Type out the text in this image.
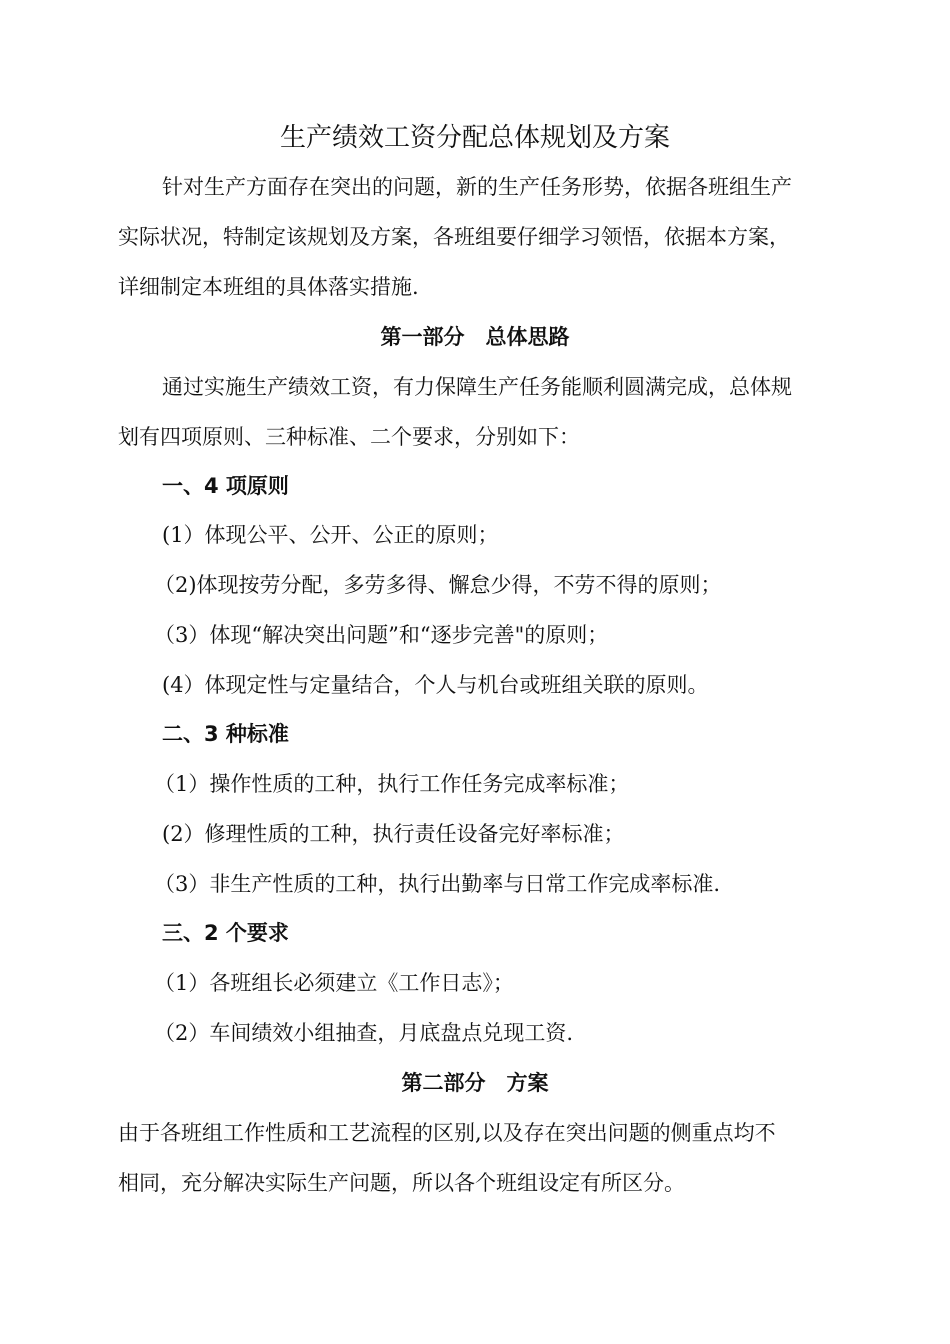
生产绩效工资分配总体规划及方案
针对生产方面存在突出的问题，新的生产任务形势，依据各班组生产
实际状况，特制定该规划及方案，各班组要仔细学习领悟，依据本方案，
详细制定本班组的具体落实措施.
第一部分　总体思路
通过实施生产绩效工资，有力保障生产任务能顺利圆满完成，总体规
划有四项原则、三种标准、二个要求，分别如下：
一、4 项原则
(1）体现公平、公开、公正的原则；
（2)体现按劳分配，多劳多得、懈怠少得，不劳不得的原则；
（3）体现“解决突出问题”和“逐步完善"的原则；
(4）体现定性与定量结合，个人与机台或班组关联的原则。
二、3 种标准
（1）操作性质的工种，执行工作任务完成率标准；
(2）修理性质的工种，执行责任设备完好率标准；
（3）非生产性质的工种，执行出勤率与日常工作完成率标准.
三、2 个要求
（1）各班组长必须建立《工作日志》；
（2）车间绩效小组抽查，月底盘点兑现工资.
第二部分　方案
由于各班组工作性质和工艺流程的区别,以及存在突出问题的侧重点均不
相同，充分解决实际生产问题，所以各个班组设定有所区分。
